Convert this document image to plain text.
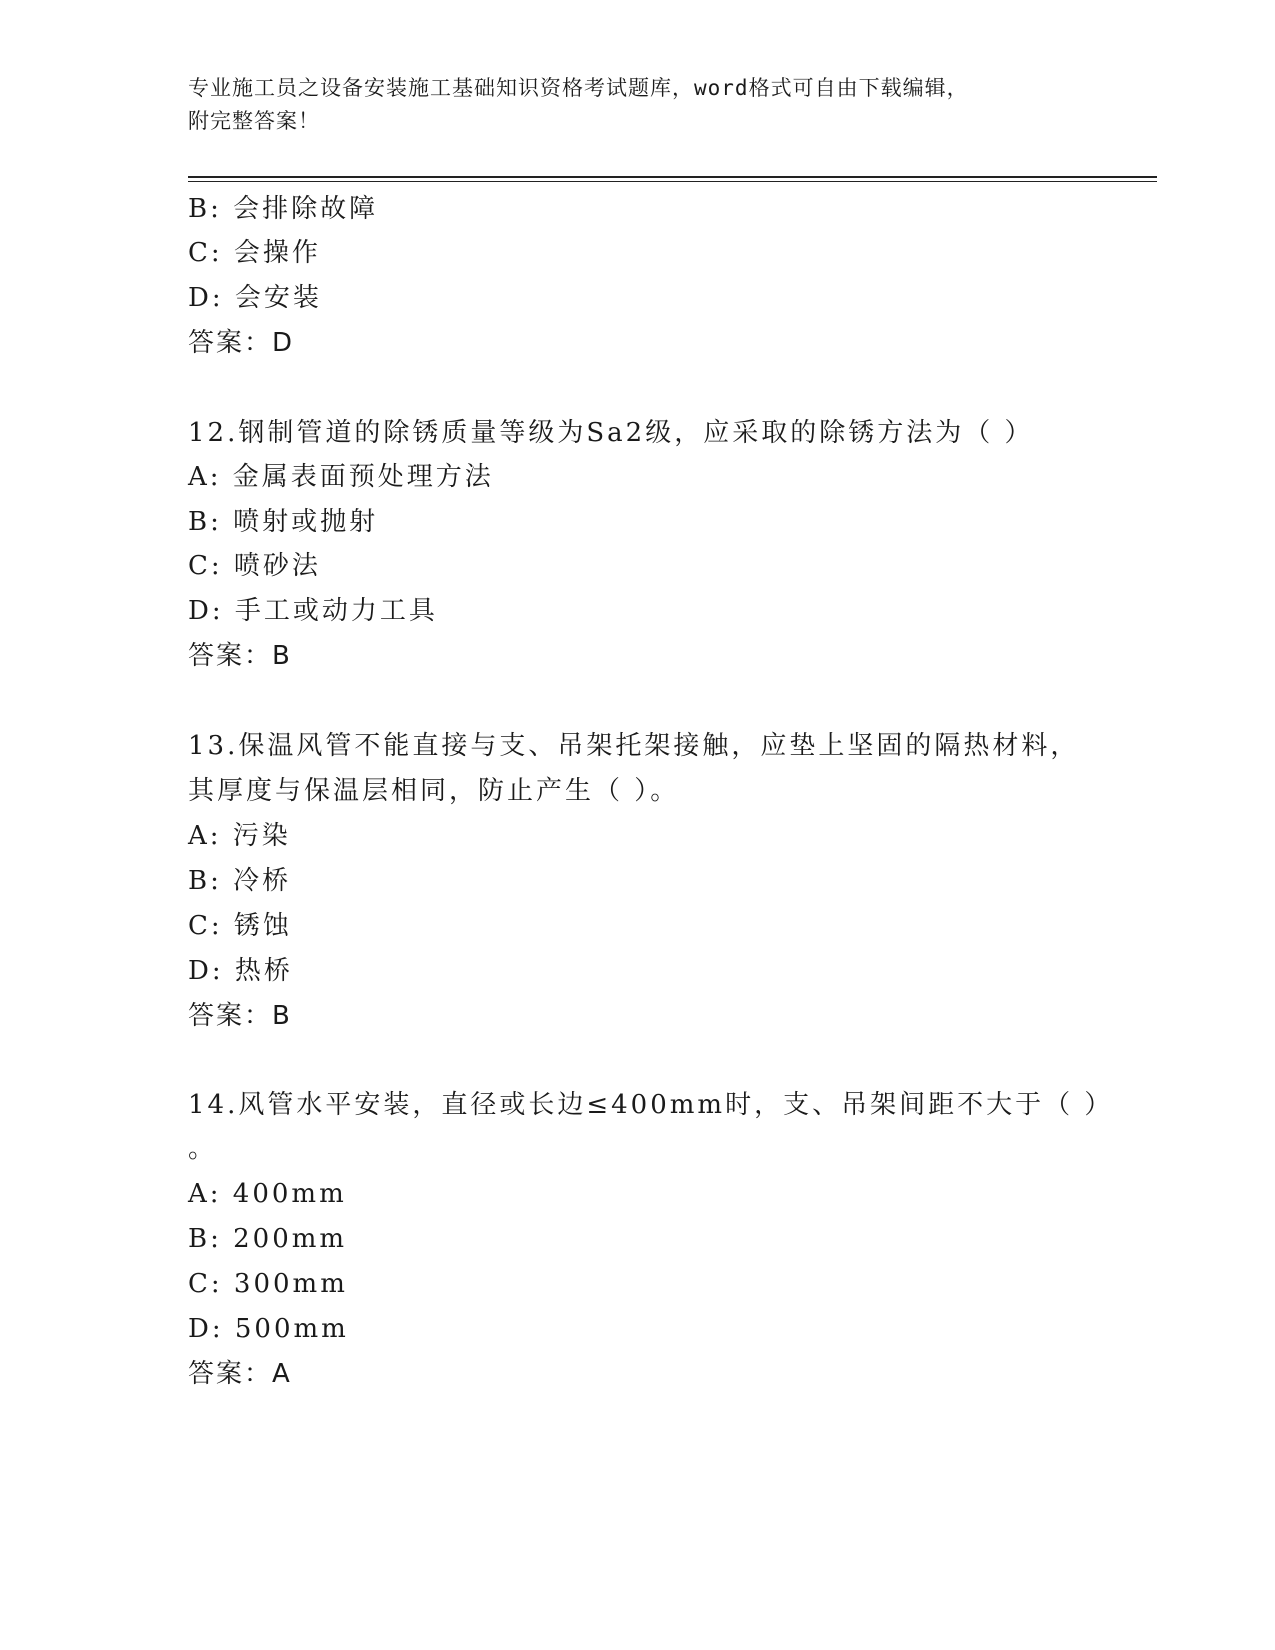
专业施工员之设备安装施工基础知识资格考试题库，word格式可自由下载编辑，
附完整答案！
B: 会排除故障
C: 会操作
D: 会安装
答案：D
12.钢制管道的除锈质量等级为Sa2级，应采取的除锈方法为（ ）
A: 金属表面预处理方法
B: 喷射或抛射
C: 喷砂法
D: 手工或动力工具
答案：B
13.保温风管不能直接与支、吊架托架接触，应垫上坚固的隔热材料，
其厚度与保温层相同，防止产生（ ）。
A: 污染
B: 冷桥
C: 锈蚀
D: 热桥
答案：B
14.风管水平安装，直径或长边≤400mm时，支、吊架间距不大于（ ）
。
A: 400mm
B: 200mm
C: 300mm
D: 500mm
答案：A
